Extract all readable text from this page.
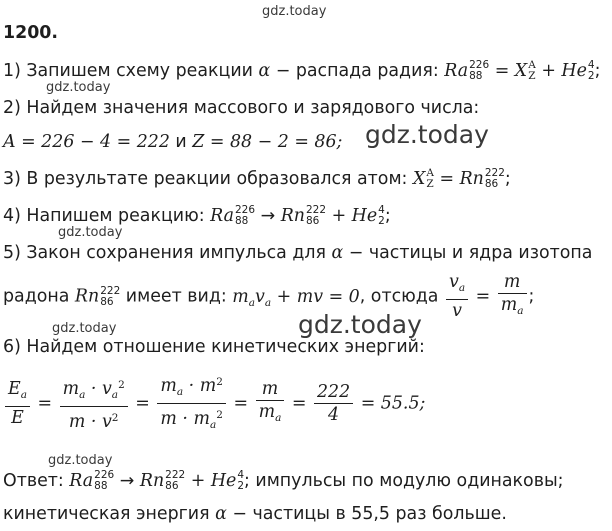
gdz.today
gdz.today
gdz.today
gdz.today
gdz.today	gdz.today
gdz.today
1200.
1) Запишем схему реакции α − распада радия: Ra 226
88 = X A
Z + He 4
2 ;
2) Найдем значения массового и зарядового числа:
A = 226 − 4 = 222 и Z = 88 − 2 = 86;
3) В результате реакции образовался атом: X A
Z = Rn 222
86 ;
4) Напишем реакцию: Ra 226
88 → Rn 222
86 + He 4
2 ;
5) Закон сохранения импульса для α − частицы и ядра изотопа
радона Rn 222
86 имеет вид: $m_av_a$ + mv = 0, отсюда $\frac{v_a}{v} = \frac{m}{m_a}$ ;
6) Найдем отношение кинетических энергий:
$\frac{E_a}{E} = \frac{m_a \cdot v_a^2}{m \cdot v^2} = \frac{m_a \cdot m^2}{m \cdot m_a^2} = \frac{m}{m_a} = \frac{222}{4} = 55.5$;
Ответ: Ra 226
88 → Rn 222
86 + He 4
2 ; импульсы по модулю одинаковы;
кинетическая энергия α − частицы в 55,5 раз больше.
